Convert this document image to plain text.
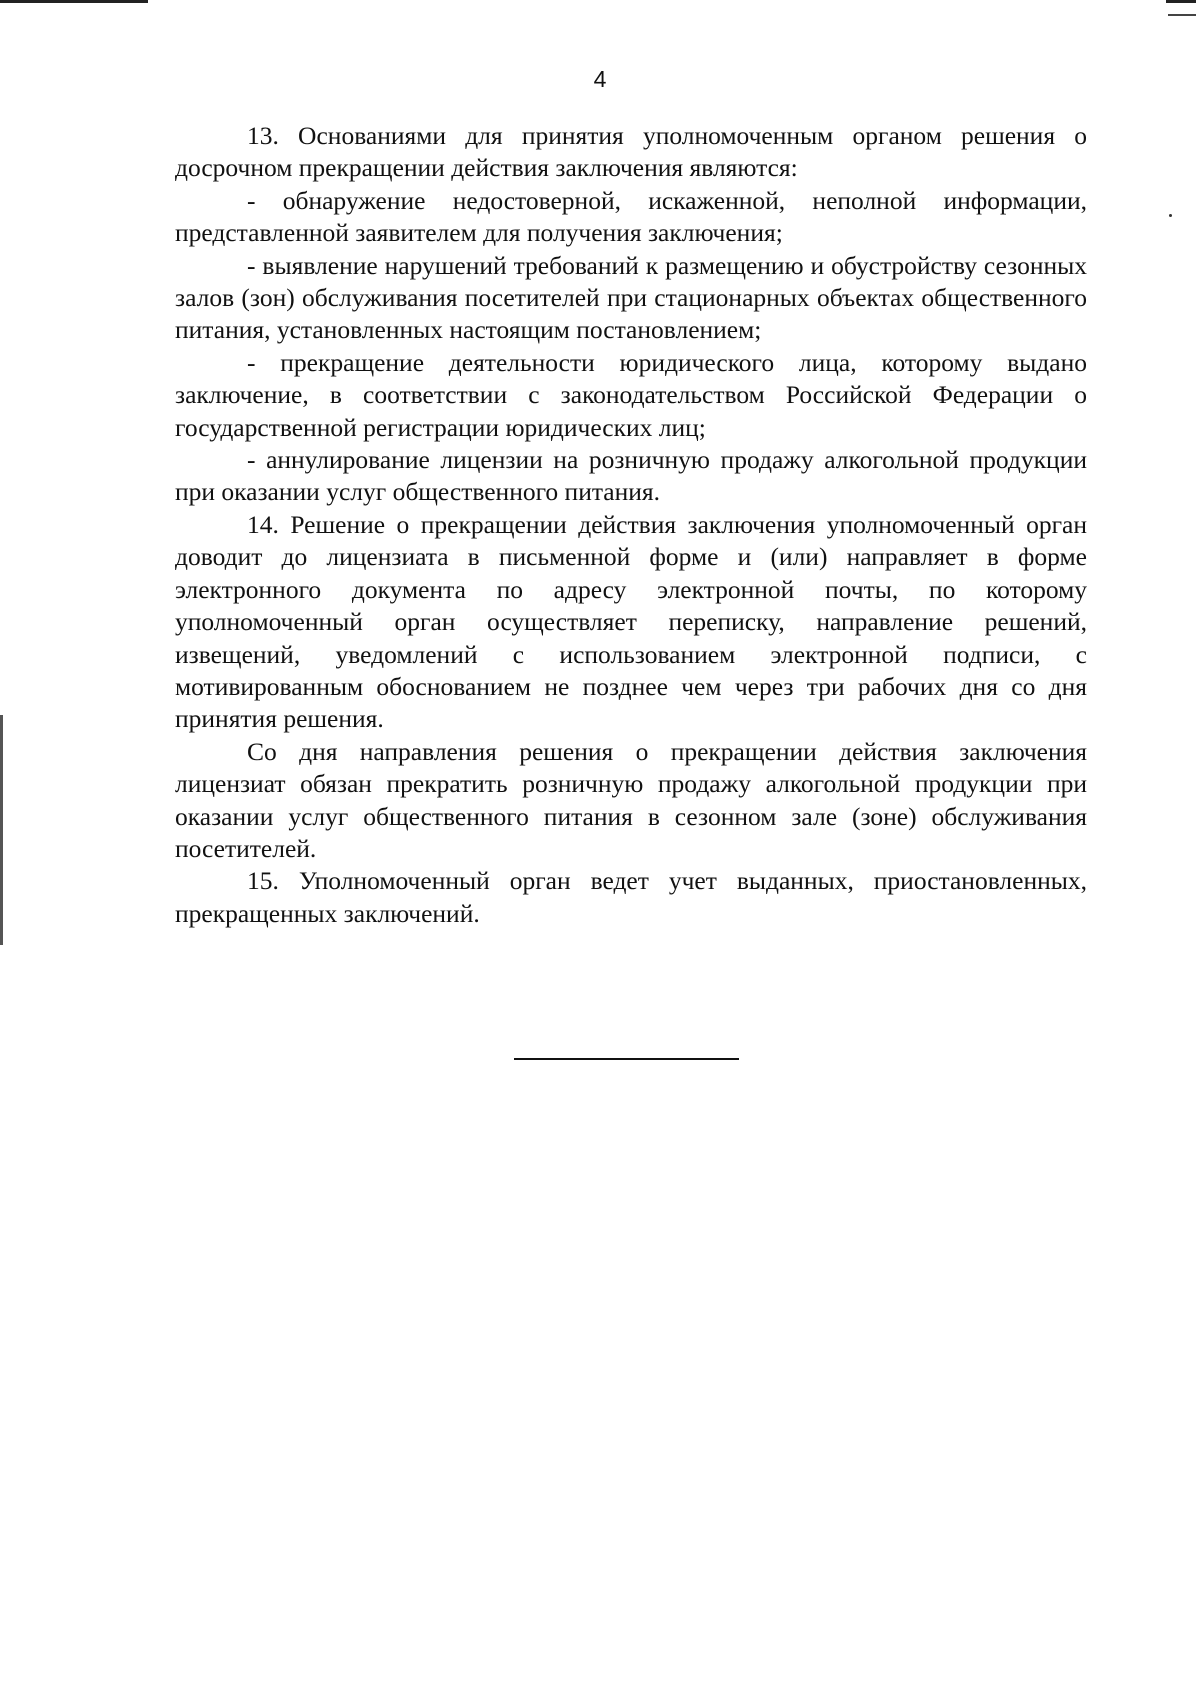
4

13. Основаниями для принятия уполномоченным органом решения о досрочном прекращении действия заключения являются:

- обнаружение недостоверной, искаженной, неполной информации, представленной заявителем для получения заключения;

- выявление нарушений требований к размещению и обустройству сезонных залов (зон) обслуживания посетителей при стационарных объектах общественного питания, установленных настоящим постановлением;

- прекращение деятельности юридического лица, которому выдано заключение, в соответствии с законодательством Российской Федерации о государственной регистрации юридических лиц;

- аннулирование лицензии на розничную продажу алкогольной продукции при оказании услуг общественного питания.

14. Решение о прекращении действия заключения уполномоченный орган доводит до лицензиата в письменной форме и (или) направляет в форме электронного документа по адресу электронной почты, по которому уполномоченный орган осуществляет переписку, направление решений, извещений, уведомлений с использованием электронной подписи, с мотивированным обоснованием не позднее чем через три рабочих дня со дня принятия решения.

Со дня направления решения о прекращении действия заключения лицензиат обязан прекратить розничную продажу алкогольной продукции при оказании услуг общественного питания в сезонном зале (зоне) обслуживания посетителей.

15. Уполномоченный орган ведет учет выданных, приостановленных, прекращенных заключений.
